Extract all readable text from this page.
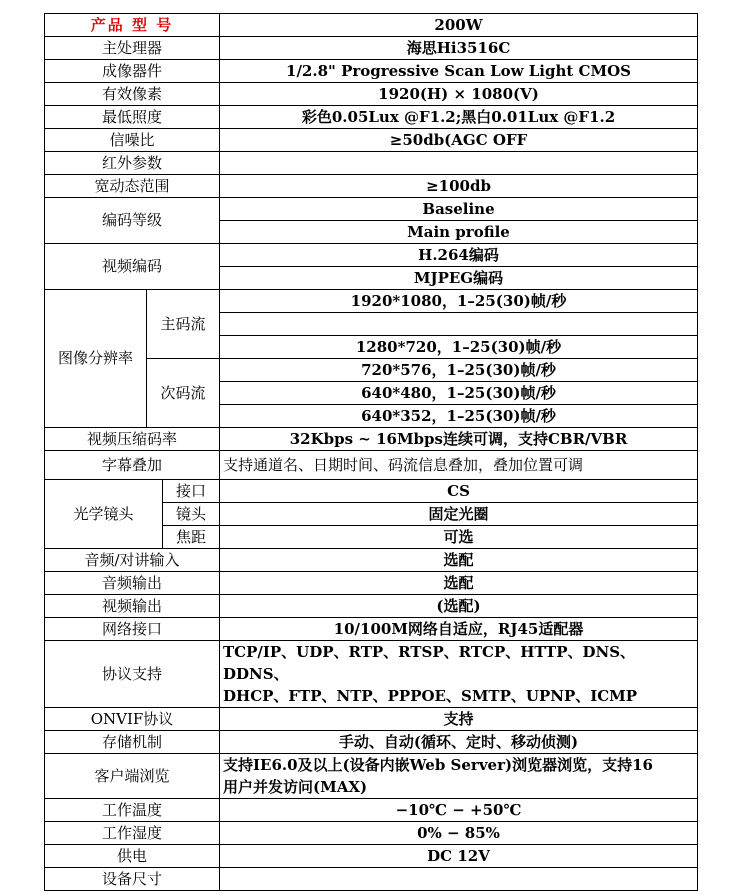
产品 型 号			200W
主处理器			海思Hi3516C
成像器件			1/2.8" Progressive Scan Low Light CMOS
有效像素			1920(H) × 1080(V)
最低照度			彩色0.05Lux @F1.2;黑白0.01Lux @F1.2
信噪比			≥50db(AGC OFF
红外参数			
宽动态范围			≥100db
编码等级			Baseline
			Main profile
视频编码			H.264编码
			MJPEG编码
图像分辨率	主码流		1920*1080，1–25(30)帧/秒

			1280*720，1–25(30)帧/秒
	次码流		720*576，1–25(30)帧/秒
			640*480，1–25(30)帧/秒
			640*352，1–25(30)帧/秒
视频压缩码率			32Kbps ~ 16Mbps连续可调，支持CBR/VBR
字幕叠加			支持通道名、日期时间、码流信息叠加，叠加位置可调
光学镜头		接口	CS
		镜头	固定光圈
		焦距	可选
音频/对讲输入			选配
音频输出			选配
视频输出			(选配)
网络接口			10/100M网络自适应，RJ45适配器
协议支持			TCP/IP、UDP、RTP、RTSP、RTCP、HTTP、DNS、DDNS、
DHCP、FTP、NTP、PPPOE、SMTP、UPNP、ICMP

ONVIF协议			支持
存储机制			手动、自动(循环、定时、移动侦测)
客户端浏览			支持IE6.0及以上(设备内嵌Web Server)浏览器浏览，支持16
用户并发访问(MAX)

工作温度			−10℃ − +50℃
工作湿度			0% − 85%
供电			DC 12V
设备尺寸			
